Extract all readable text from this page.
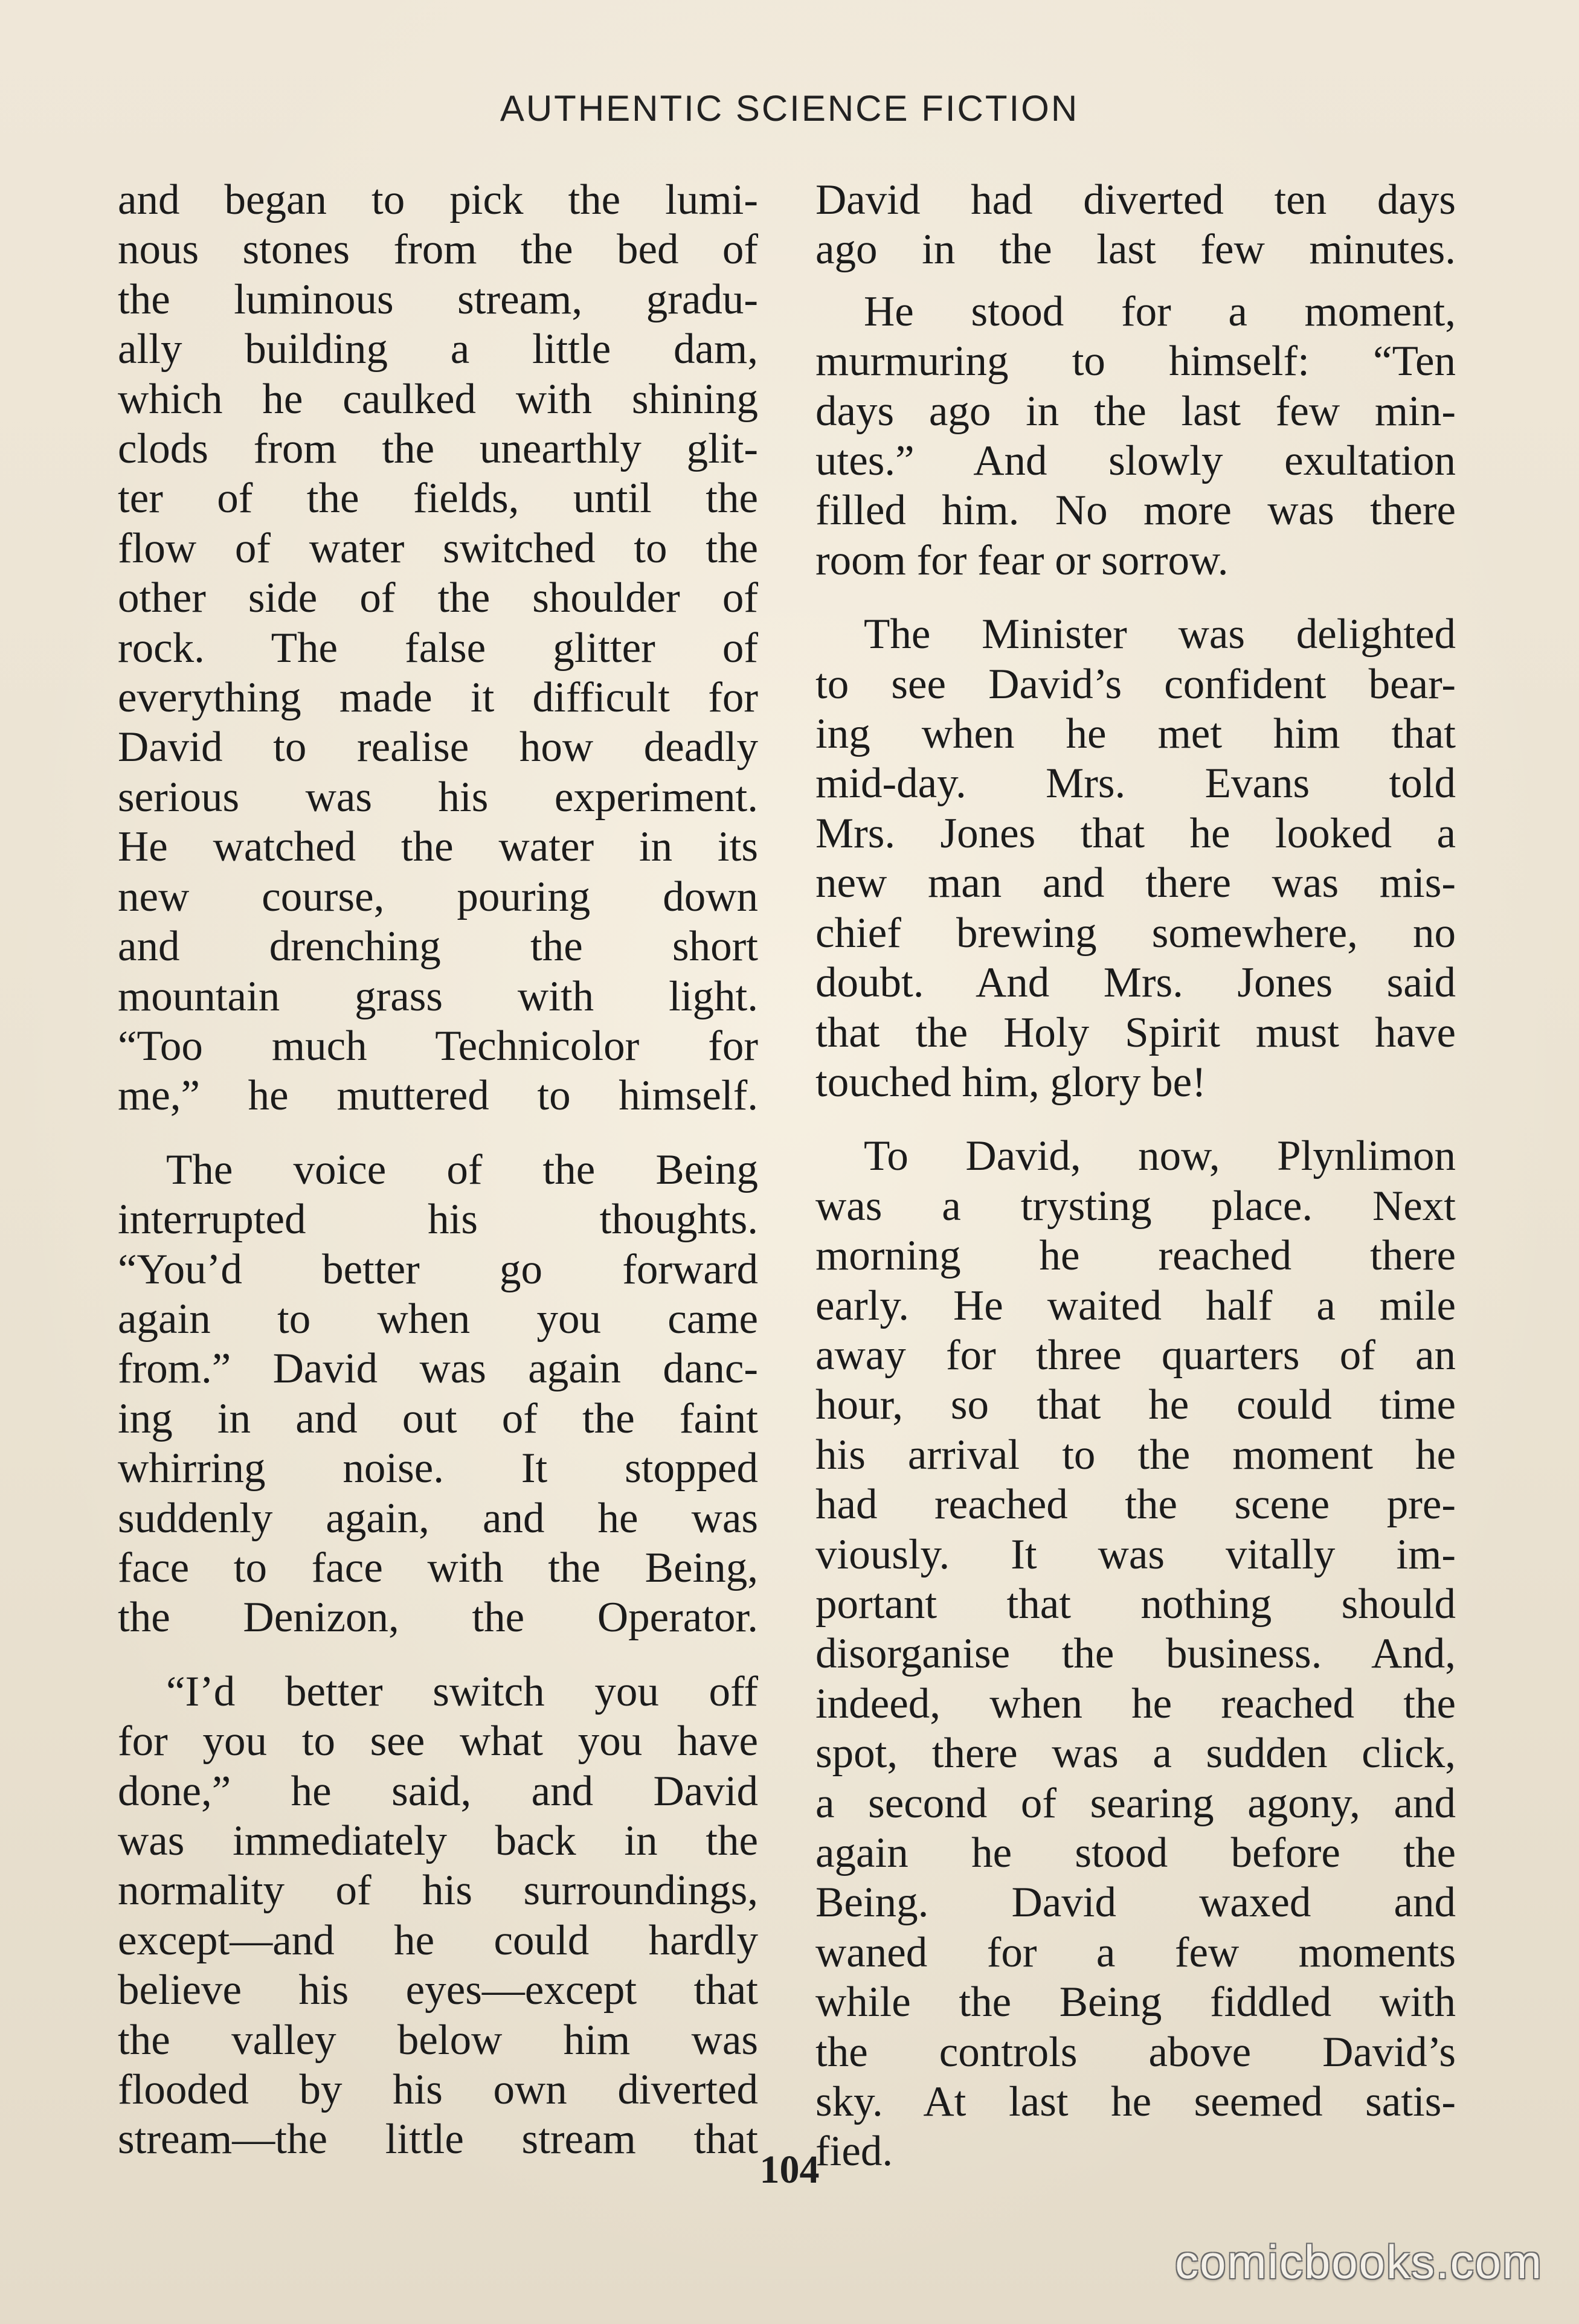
AUTHENTIC SCIENCE FICTION
and began to pick the lumi-
nous stones from the bed of
the luminous stream, gradu-
ally building a little dam,
which he caulked with shining
clods from the unearthly glit-
ter of the fields, until the
flow of water switched to the
other side of the shoulder of
rock. The false glitter of
everything made it difficult for
David to realise how deadly
serious was his experiment.
He watched the water in its
new course, pouring down
and drenching the short
mountain grass with light.
“Too much Technicolor for
me,” he muttered to himself.
The voice of the Being
interrupted his thoughts.
“You’d better go forward
again to when you came
from.” David was again danc-
ing in and out of the faint
whirring noise. It stopped
suddenly again, and he was
face to face with the Being,
the Denizon, the Operator.
“I’d better switch you off
for you to see what you have
done,” he said, and David
was immediately back in the
normality of his surroundings,
except—and he could hardly
believe his eyes—except that
the valley below him was
flooded by his own diverted
stream—the little stream that
David had diverted ten days
ago in the last few minutes.
He stood for a moment,
murmuring to himself: “Ten
days ago in the last few min-
utes.” And slowly exultation
filled him. No more was there
room for fear or sorrow.
The Minister was delighted
to see David’s confident bear-
ing when he met him that
mid-day. Mrs. Evans told
Mrs. Jones that he looked a
new man and there was mis-
chief brewing somewhere, no
doubt. And Mrs. Jones said
that the Holy Spirit must have
touched him, glory be!
To David, now, Plynlimon
was a trysting place. Next
morning he reached there
early. He waited half a mile
away for three quarters of an
hour, so that he could time
his arrival to the moment he
had reached the scene pre-
viously. It was vitally im-
portant that nothing should
disorganise the business. And,
indeed, when he reached the
spot, there was a sudden click,
a second of searing agony, and
again he stood before the
Being. David waxed and
waned for a few moments
while the Being fiddled with
the controls above David’s
sky. At last he seemed satis-
fied.
104
comicbooks.com
